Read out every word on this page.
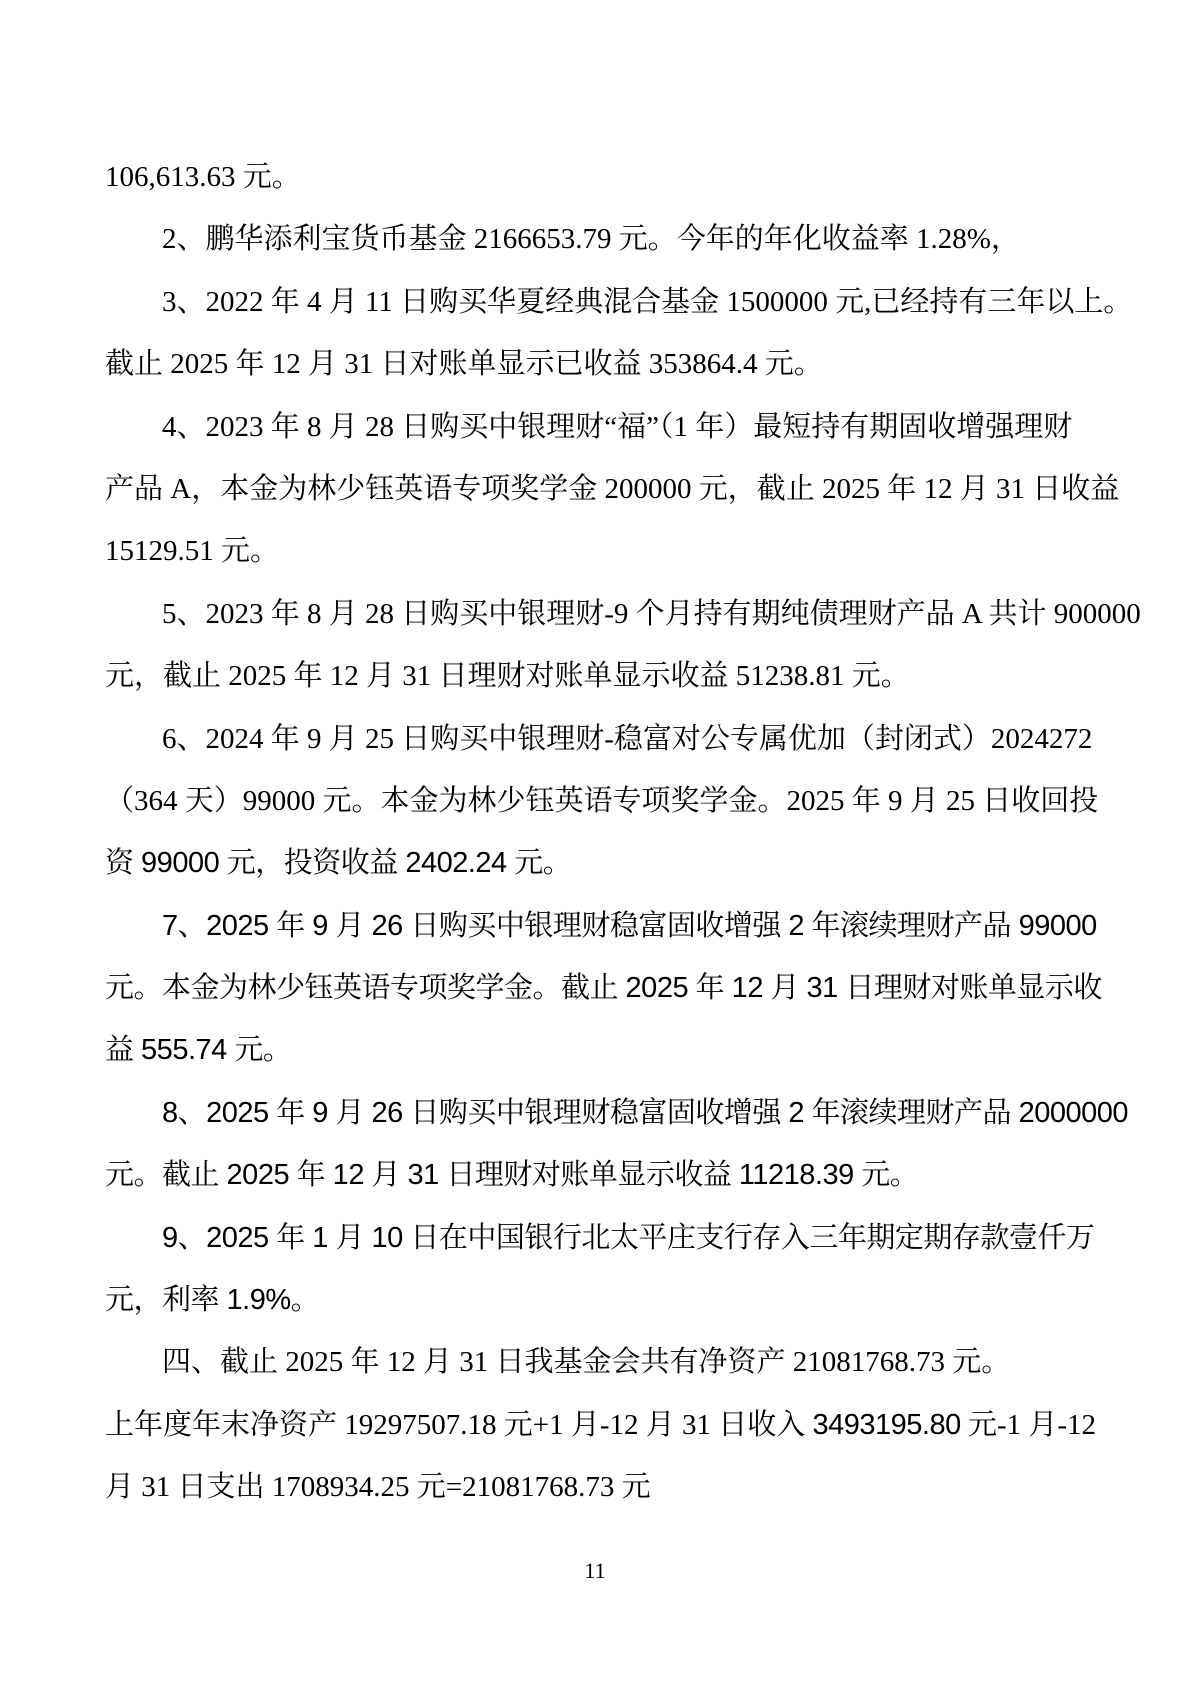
106,613.63 元。
2、鹏华添利宝货币基金 2166653.79 元。今年的年化收益率 1.28%，
3、2022 年 4 月 11 日购买华夏经典混合基金 1500000 元,已经持有三年以上。
截止 2025 年 12 月 31 日对账单显示已收益 353864.4 元。
4、2023 年 8 月 28 日购买中银理财“福”（1 年）最短持有期固收增强理财
产品 A，本金为林少钰英语专项奖学金 200000 元，截止 2025 年 12 月 31 日收益
15129.51 元。
5、2023 年 8 月 28 日购买中银理财-9 个月持有期纯债理财产品 A 共计 900000
元，截止 2025 年 12 月 31 日理财对账单显示收益 51238.81 元。
6、2024 年 9 月 25 日购买中银理财-稳富对公专属优加（封闭式）2024272
（364 天）99000 元。本金为林少钰英语专项奖学金。2025 年 9 月 25 日收回投
资 99000 元，投资收益 2402.24 元。
7、2025 年 9 月 26 日购买中银理财稳富固收增强 2 年滚续理财产品 99000
元。本金为林少钰英语专项奖学金。截止 2025 年 12 月 31 日理财对账单显示收
益 555.74 元。
8、2025 年 9 月 26 日购买中银理财稳富固收增强 2 年滚续理财产品 2000000
元。截止 2025 年 12 月 31 日理财对账单显示收益 11218.39 元。
9、2025 年 1 月 10 日在中国银行北太平庄支行存入三年期定期存款壹仟万
元，利率 1.9%。
四、截止 2025 年 12 月 31 日我基金会共有净资产 21081768.73 元。
上年度年末净资产 19297507.18 元+1 月-12 月 31 日收入 3493195.80 元-1 月-12
月 31 日支出 1708934.25 元=21081768.73 元
11
